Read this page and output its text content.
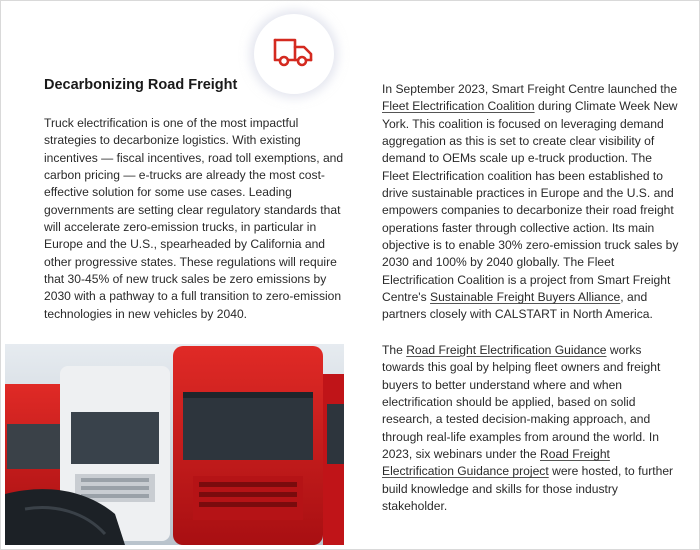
Decarbonizing Road Freight

Truck electrification is one of the most impactful strategies to decarbonize logistics. With existing incentives — fiscal incentives, road toll exemptions, and carbon pricing — e-trucks are already the most cost-effective solution for some use cases. Leading governments are setting clear regulatory standards that will accelerate zero-emission trucks, in particular in Europe and the U.S., spearheaded by California and other progressive states. These regulations will require that 30-45% of new truck sales be zero emissions by 2030 with a pathway to a full transition to zero-emission technologies in new vehicles by 2040.

In September 2023, Smart Freight Centre launched the Fleet Electrification Coalition during Climate Week New York. This coalition is focused on leveraging demand aggregation as this is set to create clear visibility of demand to OEMs scale up e-truck production. The Fleet Electrification coalition has been established to drive sustainable practices in Europe and the U.S. and empowers companies to decarbonize their road freight operations faster through collective action. Its main objective is to enable 30% zero-emission truck sales by 2030 and 100% by 2040 globally. The Fleet Electrification Coalition is a project from Smart Freight Centre's Sustainable Freight Buyers Alliance, and partners closely with CALSTART in North America.

The Road Freight Electrification Guidance works towards this goal by helping fleet owners and freight buyers to better understand where and when electrification should be applied, based on solid research, a tested decision-making approach, and through real-life examples from around the world. In 2023, six webinars under the Road Freight Electrification Guidance project were hosted, to further build knowledge and skills for those industry stakeholder.
